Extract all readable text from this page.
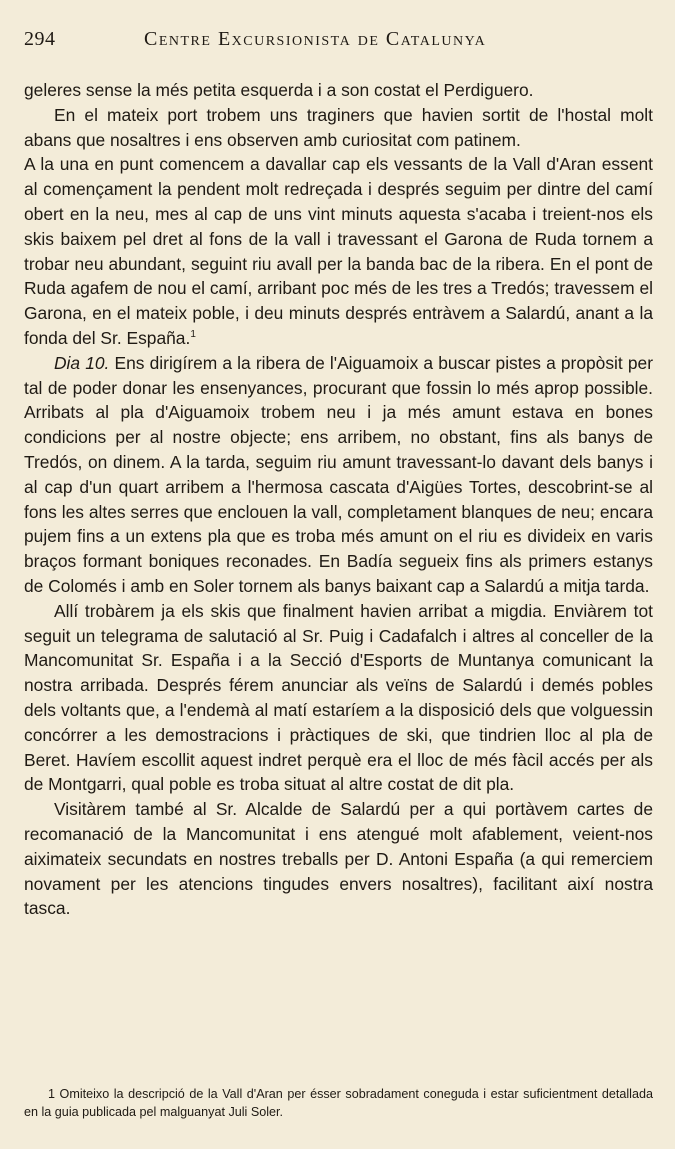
294	Centre Excursionista de Catalunya

geleres sense la més petita esquerda i a son costat el Perdiguero.

En el mateix port trobem uns traginers que havien sortit de l'hostal molt abans que nosaltres i ens observen amb curiositat com patinem.

A la una en punt comencem a davallar cap els vessants de la Vall d'Aran essent al començament la pendent molt redreçada i després seguim per dintre del camí obert en la neu, mes al cap de uns vint minuts aquesta s'acaba i treient-nos els skis baixem pel dret al fons de la vall i travessant el Garona de Ruda tornem a trobar neu abundant, seguint riu avall per la banda bac de la ribera. En el pont de Ruda agafem de nou el camí, arribant poc més de les tres a Tredós; travessem el Garona, en el mateix poble, i deu minuts després entràvem a Salardú, anant a la fonda del Sr. España.$^1$

Dia 10. Ens dirigírem a la ribera de l'Aiguamoix a buscar pistes a propòsit per tal de poder donar les ensenyances, procurant que fossin lo més aprop possible. Arribats al pla d'Aiguamoix trobem neu i ja més amunt estava en bones condicions per al nostre objecte; ens arribem, no obstant, fins als banys de Tredós, on dinem. A la tarda, seguim riu amunt travessant-lo davant dels banys i al cap d'un quart arribem a l'hermosa cascata d'Aigües Tortes, descobrint-se al fons les altes serres que enclouen la vall, completament blanques de neu; encara pujem fins a un extens pla que es troba més amunt on el riu es divideix en varis braços formant boniques reconades. En Badía segueix fins als primers estanys de Colomés i amb en Soler tornem als banys baixant cap a Salardú a mitja tarda.

Allí trobàrem ja els skis que finalment havien arribat a migdia. Enviàrem tot seguit un telegrama de salutació al Sr. Puig i Cadafalch i altres al conceller de la Mancomunitat Sr. España i a la Secció d'Esports de Muntanya comunicant la nostra arribada. Després férem anunciar als veïns de Salardú i demés pobles dels voltants que, a l'endemà al matí estaríem a la disposició dels que volguessin concórrer a les demostracions i pràctiques de ski, que tindrien lloc al pla de Beret. Havíem escollit aquest indret perquè era el lloc de més fàcil accés per als de Montgarri, qual poble es troba situat al altre costat de dit pla.

Visitàrem també al Sr. Alcalde de Salardú per a qui portàvem cartes de recomanació de la Mancomunitat i ens atengué molt afablement, veient-nos aiximateix secundats en nostres treballs per D. Antoni España (a qui remerciem novament per les atencions tingudes envers nosaltres), facilitant així nostra tasca.

1 Omiteixo la descripció de la Vall d'Aran per ésser sobradament coneguda i estar suficientment detallada en la guia publicada pel malguanyat Juli Soler.
